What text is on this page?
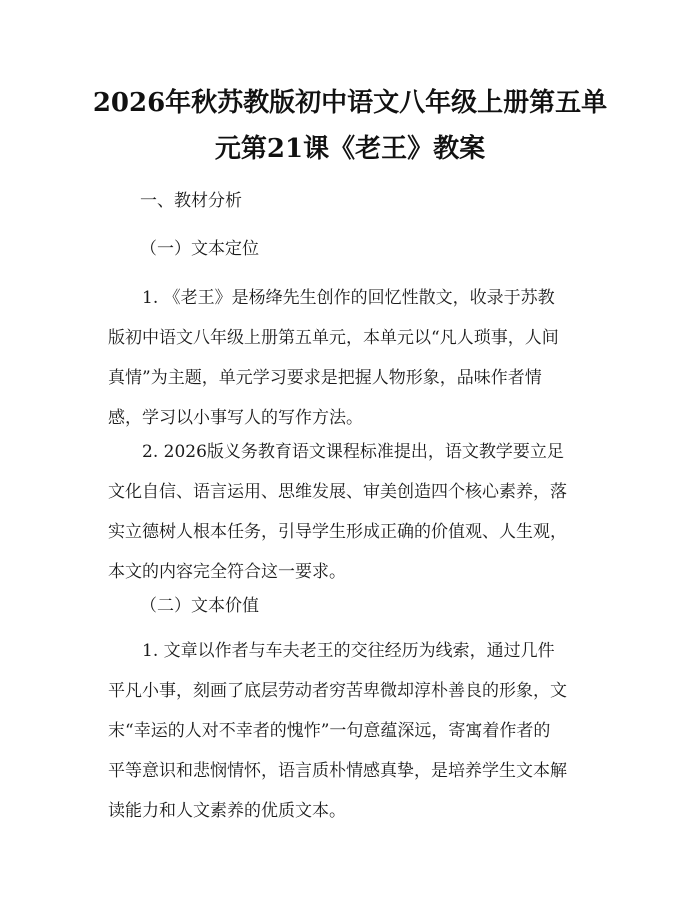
2026年秋苏教版初中语文八年级上册第五单
元第21课《老王》教案
一、教材分析
（一）文本定位
1. 《老王》是杨绛先生创作的回忆性散文，收录于苏教
版初中语文八年级上册第五单元，本单元以“凡人琐事，人间
真情”为主题，单元学习要求是把握人物形象，品味作者情
感，学习以小事写人的写作方法。
2. 2026版义务教育语文课程标准提出，语文教学要立足
文化自信、语言运用、思维发展、审美创造四个核心素养，落
实立德树人根本任务，引导学生形成正确的价值观、人生观，
本文的内容完全符合这一要求。
（二）文本价值
1. 文章以作者与车夫老王的交往经历为线索，通过几件
平凡小事，刻画了底层劳动者穷苦卑微却淳朴善良的形象，文
末“幸运的人对不幸者的愧怍”一句意蕴深远，寄寓着作者的
平等意识和悲悯情怀，语言质朴情感真挚，是培养学生文本解
读能力和人文素养的优质文本。
